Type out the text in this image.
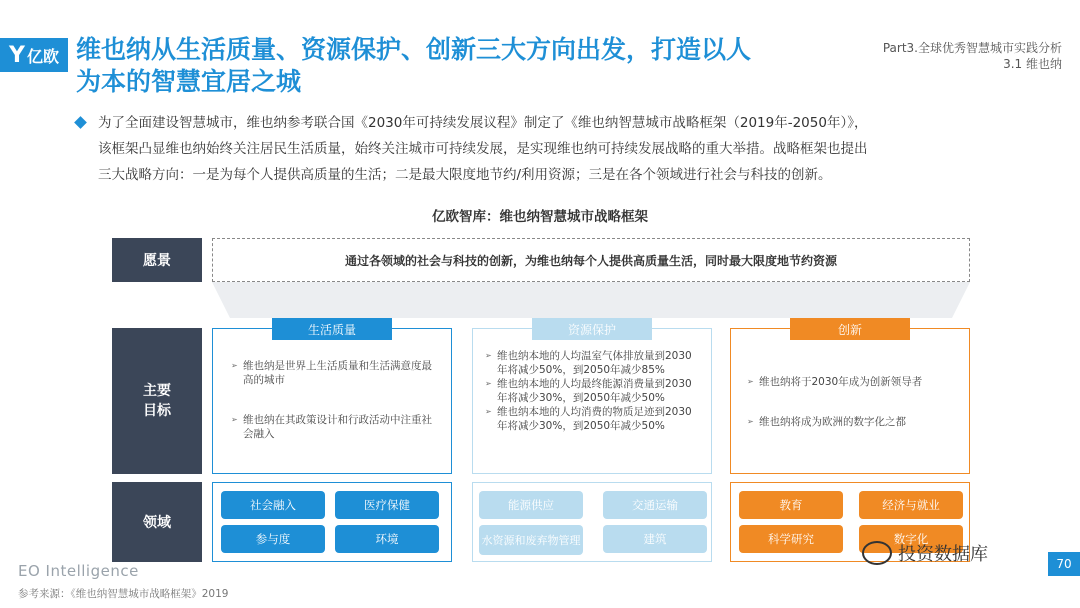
Y 亿欧 维也纳从生活质量、资源保护、创新三大方向出发，打造以人
为本的智慧宜居之城
Part3.全球优秀智慧城市实践分析
3.1 维也纳
为了全面建设智慧城市，维也纳参考联合国《2030年可持续发展议程》制定了《维也纳智慧城市战略框架（2019年-2050年）》，
该框架凸显维也纳始终关注居民生活质量，始终关注城市可持续发展，是实现维也纳可持续发展战略的重大举措。战略框架也提出
三大战略方向：一是为每个人提供高质量的生活；二是最大限度地节约/利用资源；三是在各个领域进行社会与科技的创新。
亿欧智库：维也纳智慧城市战略框架
愿景	通过各领域的社会与科技的创新，为维也纳每个人提供高质量生活，同时最大限度地节约资源
主要
目标
➢ 维也纳是世界上生活质量和生活满意度最高的城市
➢ 维也纳在其政策设计和行政活动中注重社会融入
生活质量
➢ 维也纳本地的人均温室气体排放量到2030年将减少50%，到2050年减少85%
➢ 维也纳本地的人均最终能源消费量到2030年将减少30%，到2050年减少50%
➢ 维也纳本地的人均消费的物质足迹到2030年将减少30%，到2050年减少50%
资源保护
➢ 维也纳将于2030年成为创新领导者
➢ 维也纳将成为欧洲的数字化之都
创新
领域
社会融入	医疗保健
参与度	环境
能源供应	交通运输
水资源和废弃物管理	建筑
教育	经济与就业
科学研究	数字化
EO Intelligence
参考来源：《维也纳智慧城市战略框架》2019
投资数据库	70
